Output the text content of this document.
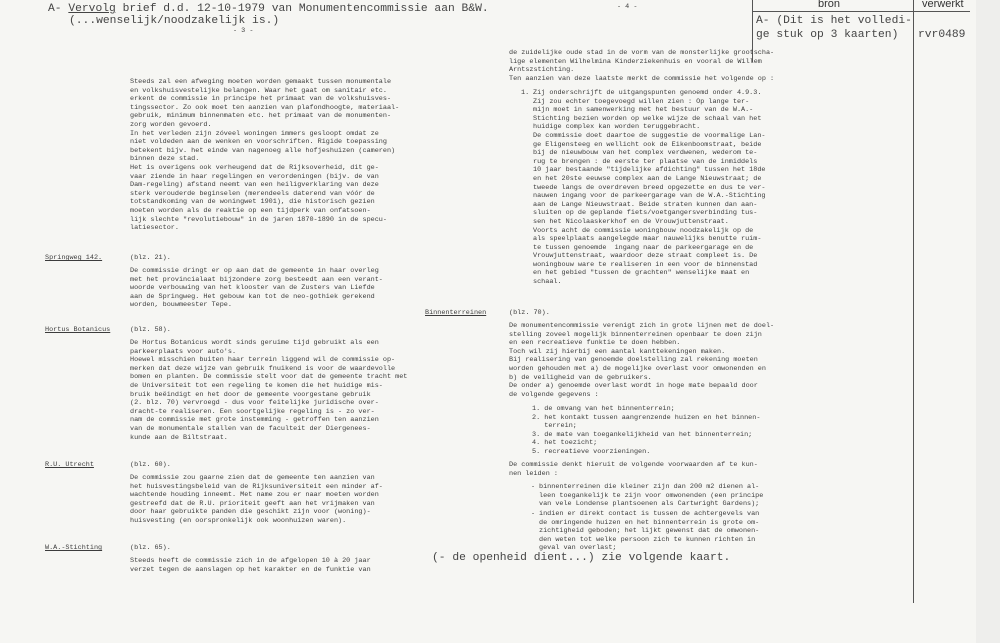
A- Vervolg brief d.d. 12-10-1979 van Monumentencommissie aan B&W.
(...wenselijk/noodzakelijk is.)
- 3 -
- 4 -	bron	verwerkt
A- (Dit is het volledi-
ge stuk op 3 kaarten) rvr0489
Steeds zal een afweging moeten worden gemaakt tussen monumentale
en volkshuisvestelijke belangen. Waar het gaat om sanitair etc.
erkent de commissie in principe het primaat van de volkshuisves-
tingssector. Zo ook moet ten aanzien van plafondhoogte, materiaal-
gebruik, minimum binnenmaten etc. het primaat van de monumenten-
zorg worden gevoerd.
In het verleden zijn zóveel woningen immers gesloopt omdat ze
niet voldeden aan de wenken en voorschriften. Rigide toepassing
betekent bijv. het einde van nagenoeg alle hofjeshuizen (cameren)
binnen deze stad.
Het is overigens ook verheugend dat de Rijksoverheid, dit ge-
vaar ziende in haar regelingen en verordeningen (bijv. de van
Dam-regeling) afstand neemt van een heiligverklaring van deze
sterk verouderde beginselen (merendeels daterend van vóór de
totstandkoming van de woningwet 1901), die historisch gezien
moeten worden als de reaktie op een tijdperk van onfatsoen-
lijk slechte "revolutiebouw" in de jaren 1870-1890 in de specu-
latiesector.
Springweg 142.	(blz. 21).
De commissie dringt er op aan dat de gemeente in haar overleg
met het provincialaat bijzondere zorg besteedt aan een verant-
woorde verbouwing van het klooster van de Zusters van Liefde
aan de Springweg. Het gebouw kan tot de neo-gothiek gerekend
worden, bouwmeester Tepe.
Hortus Botanicus	(blz. 58).
De Hortus Botanicus wordt sinds geruime tijd gebruikt als een
parkeerplaats voor auto's.
Hoewel misschien buiten haar terrein liggend wil de commissie op-
merken dat deze wijze van gebruik fnuikend is voor de waardevolle
bomen en planten. De commissie stelt voor dat de gemeente tracht met
de Universiteit tot een regeling te komen die het huidige mis-
bruik beëindigt en het door de gemeente voorgestane gebruik
(2. blz. 70) vervroegd - dus voor feitelijke juridische over-
dracht-te realiseren. Een soortgelijke regeling is - zo ver-
nam de commissie met grote instemming - getroffen ten aanzien
van de monumentale stallen van de faculteit der Diergenees-
kunde aan de Biltstraat.
R.U. Utrecht	(blz. 60).
De commissie zou gaarne zien dat de gemeente ten aanzien van
het huisvestingsbeleid van de Rijksuniversiteit een minder af-
wachtende houding inneemt. Met name zou er naar moeten worden
gestreefd dat de R.U. prioriteit geeft aan het vrijmaken van
door haar gebruikte panden die geschikt zijn voor (woning)-
huisvesting (en oorspronkelijk ook woonhuizen waren).
W.A.-Stichting	(blz. 65).
Steeds heeft de commissie zich in de afgelopen 10 à 20 jaar
verzet tegen de aanslagen op het karakter en de funktie van
de zuidelijke oude stad in de vorm van de monsterlijke grootscha-
lige elementen Wilhelmina Kinderziekenhuis en vooral de Willem
Arntszstichting.
Ten aanzien van deze laatste merkt de commissie het volgende op :
1. Zij onderschrijft de uitgangspunten genoemd onder 4.9.3.
Zij zou echter toegevoegd willen zien : Op lange ter-
mijn moet in samenwerking met het bestuur van de W.A.-
Stichting bezien worden op welke wijze de schaal van het
huidige complex kan worden teruggebracht.
De commissie doet daartoe de suggestie de voormalige Lan-
ge Eligensteeg en wellicht ook de Eikenboomstraat, beide
bij de nieuwbouw van het complex verdwenen, wederom te-
rug te brengen : de eerste ter plaatse van de inmiddels
10 jaar bestaande "tijdelijke afdichting" tussen het 18de
en het 20ste eeuwse complex aan de Lange Nieuwstraat; de
tweede langs de overdreven breed opgezette en dus te ver-
nauwen ingang voor de parkeergarage van de W.A.-Stichting
aan de Lange Nieuwstraat. Beide straten kunnen dan aan-
sluiten op de geplande fiets/voetgangersverbinding tus-
sen het Nicolaaskerkhof en de Vrouwjuttenstraat.
Voorts acht de commissie woningbouw noodzakelijk op de
als speelplaats aangelegde maar nauwelijks benutte ruim-
te tussen genoemde  ingang naar de parkeergarage en de
Vrouwjuttenstraat, waardoor deze straat compleet is. De
woningbouw ware te realiseren in een voor de binnenstad
en het gebied "tussen de grachten" wenselijke maat en
schaal.
Binnenterreinen	(blz. 70).
De monumentencommissie verenigt zich in grote lijnen met de doel-
stelling zoveel mogelijk binnenterreinen openbaar te doen zijn
en een recreatieve funktie te doen hebben.
Toch wil zij hierbij een aantal kanttekeningen maken.
Bij realisering van genoemde doelstelling zal rekening moeten
worden gehouden met a) de mogelijke overlast voor omwonenden en
b) de veiligheid van de gebruikers.
De onder a) genoemde overlast wordt in hoge mate bepaald door
de volgende gegevens :
1. de omvang van het binnenterrein;
2. het kontakt tussen aangrenzende huizen en het binnen-
terrein;
3. de mate van toegankelijkheid van het binnenterrein;
4. het toezicht;
5. recreatieve voorzieningen.
De commissie denkt hieruit de volgende voorwaarden af te kun-
nen leiden :
- binnenterreinen die kleiner zijn dan 200 m2 dienen al-
leen toegankelijk te zijn voor omwonenden (een principe
van vele Londense plantsoenen als Cartwright Gardens);
- indien er direkt contact is tussen de achtergevels van
de omringende huizen en het binnenterrein is grote om-
zichtigheid geboden; het lijkt gewenst dat de omwonen-
den weten tot welke persoon zich te kunnen richten in
geval van overlast;
(- de openheid dient...) zie volgende kaart.
